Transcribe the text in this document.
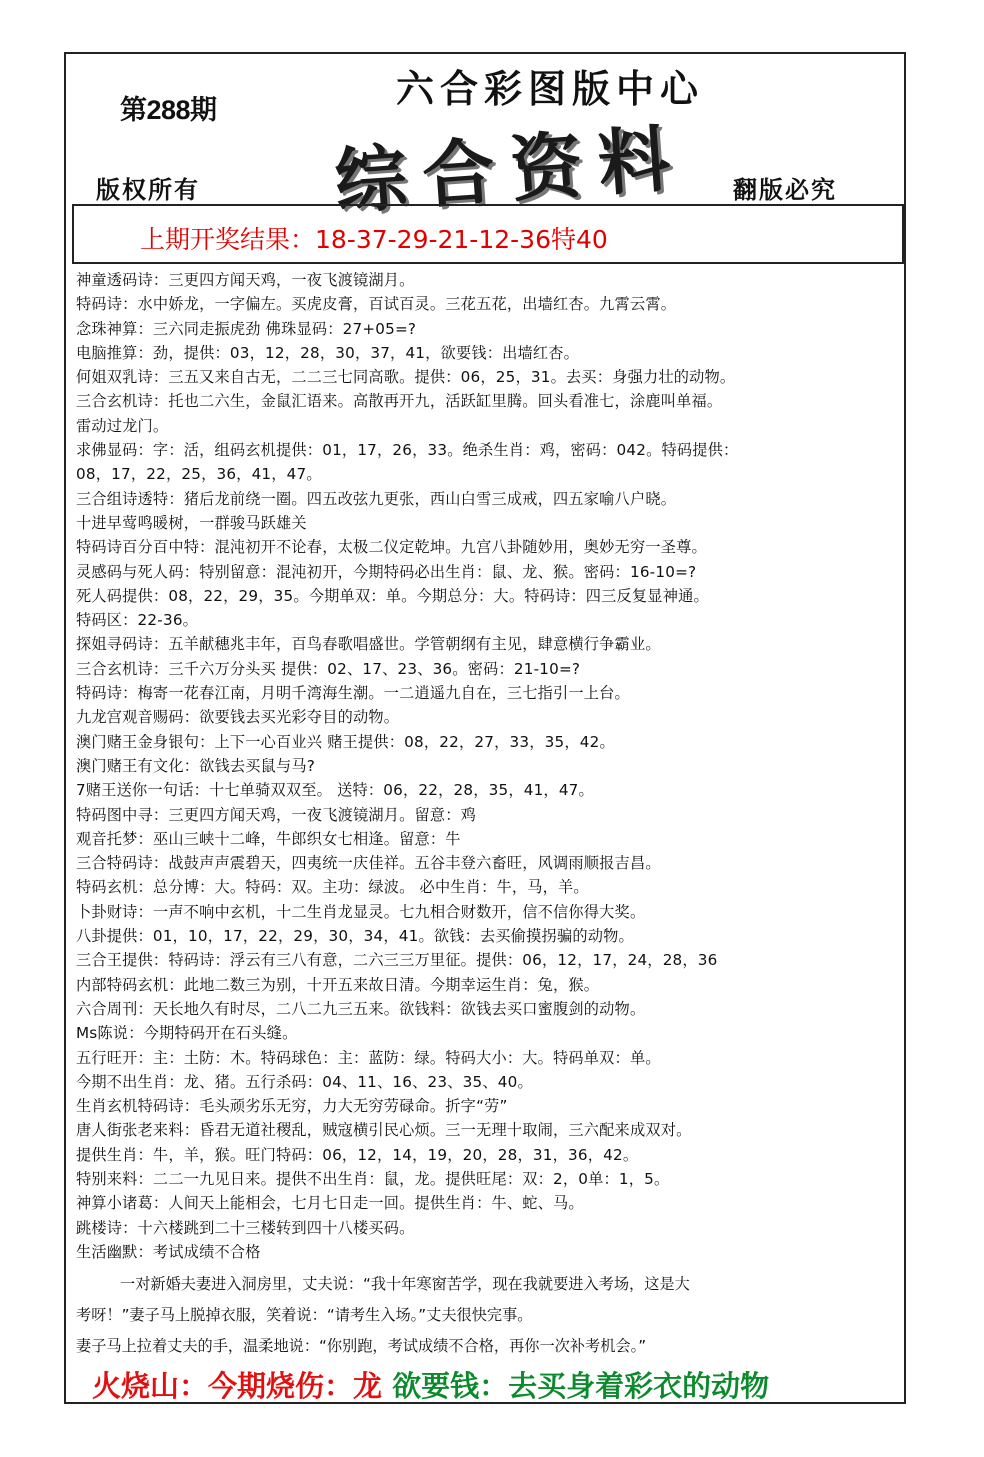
第288期	六合彩图版中心
综合资料
版权所有	翻版必究
上期开奖结果：18-37-29-21-12-36特40
神童透码诗：三更四方闻天鸡，一夜飞渡镜湖月。
特码诗：水中娇龙，一字偏左。买虎皮膏，百试百灵。三花五花，出墙红杏。九霄云霄。
念珠神算：三六同走振虎劲 佛珠显码：27+05=?
电脑推算：劲，提供：03，12，28，30，37，41，欲要钱：出墙红杏。
何姐双乳诗：三五又来自古无，二二三七同高歌。提供：06，25，31。去买：身强力壮的动物。
三合玄机诗：托也二六生，金鼠汇语来。高散再开九，活跃缸里腾。回头看准七，涂鹿叫单福。
雷动过龙门。
求佛显码：字：活，组码玄机提供：01，17，26，33。绝杀生肖：鸡，密码：042。特码提供：
08，17，22，25，36，41，47。
三合组诗透特：猪后龙前绕一圈。四五改弦九更张，西山白雪三成戒，四五家喻八户晓。
十进早莺鸣暖树，一群骏马跃雄关
特码诗百分百中特：混沌初开不论春，太极二仪定乾坤。九宫八卦随妙用，奥妙无穷一圣尊。
灵感码与死人码：特别留意：混沌初开，今期特码必出生肖：鼠、龙、猴。密码：16-10=?
死人码提供：08，22，29，35。今期单双：单。今期总分：大。特码诗：四三反复显神通。
特码区：22-36。
探姐寻码诗：五羊献穗兆丰年，百鸟春歌唱盛世。学管朝纲有主见，肆意横行争霸业。
三合玄机诗：三千六万分头买 提供：02、17、23、36。密码：21-10=?
特码诗：梅寄一花春江南，月明千湾海生潮。一二逍遥九自在，三七指引一上台。
九龙宫观音赐码：欲要钱去买光彩夺目的动物。
澳门赌王金身银句：上下一心百业兴 赌王提供：08，22，27，33，35，42。
澳门赌王有文化：欲钱去买鼠与马?
7赌王送你一句话：十七单骑双双至。 送特：06，22，28，35，41，47。
特码图中寻：三更四方闻天鸡，一夜飞渡镜湖月。留意：鸡
观音托梦：巫山三峡十二峰，牛郎织女七相逢。留意：牛
三合特码诗：战鼓声声震碧天，四夷统一庆佳祥。五谷丰登六畜旺，风调雨顺报吉昌。
特码玄机：总分博：大。特码：双。主功：绿波。 必中生肖：牛，马，羊。
卜卦财诗：一声不响中玄机，十二生肖龙显灵。七九相合财数开，信不信你得大奖。
八卦提供：01，10，17，22，29，30，34，41。欲钱：去买偷摸拐骗的动物。
三合王提供：特码诗：浮云有三八有意，二六三三万里征。提供：06，12，17，24，28，36
内部特码玄机：此地二数三为别，十开五来故日清。今期幸运生肖：兔，猴。
六合周刊：天长地久有时尽，二八二九三五来。欲钱料：欲钱去买口蜜腹剑的动物。
Ms陈说：今期特码开在石头缝。
五行旺开：主：土防：木。特码球色：主：蓝防：绿。特码大小：大。特码单双：单。
今期不出生肖：龙、猪。五行杀码：04、11、16、23、35、40。
生肖玄机特码诗：毛头顽劣乐无穷，力大无穷劳碌命。折字“劳”
唐人街张老来料：昏君无道社稷乱，贼寇横引民心烦。三一无理十取闹，三六配来成双对。
提供生肖：牛，羊，猴。旺门特码：06，12，14，19，20，28，31，36，42。
特别来料：二二一九见日来。提供不出生肖：鼠，龙。提供旺尾：双：2，0单：1，5。
神算小诸葛：人间天上能相会，七月七日走一回。提供生肖：牛、蛇、马。
跳楼诗：十六楼跳到二十三楼转到四十八楼买码。
生活幽默：考试成绩不合格
一对新婚夫妻进入洞房里，丈夫说：“我十年寒窗苦学，现在我就要进入考场，这是大
考呀！”妻子马上脱掉衣服，笑着说：“请考生入场。”丈夫很快完事。
妻子马上拉着丈夫的手，温柔地说：“你别跑，考试成绩不合格，再你一次补考机会。”
火烧山：今期烧伤：龙 欲要钱：去买身着彩衣的动物
